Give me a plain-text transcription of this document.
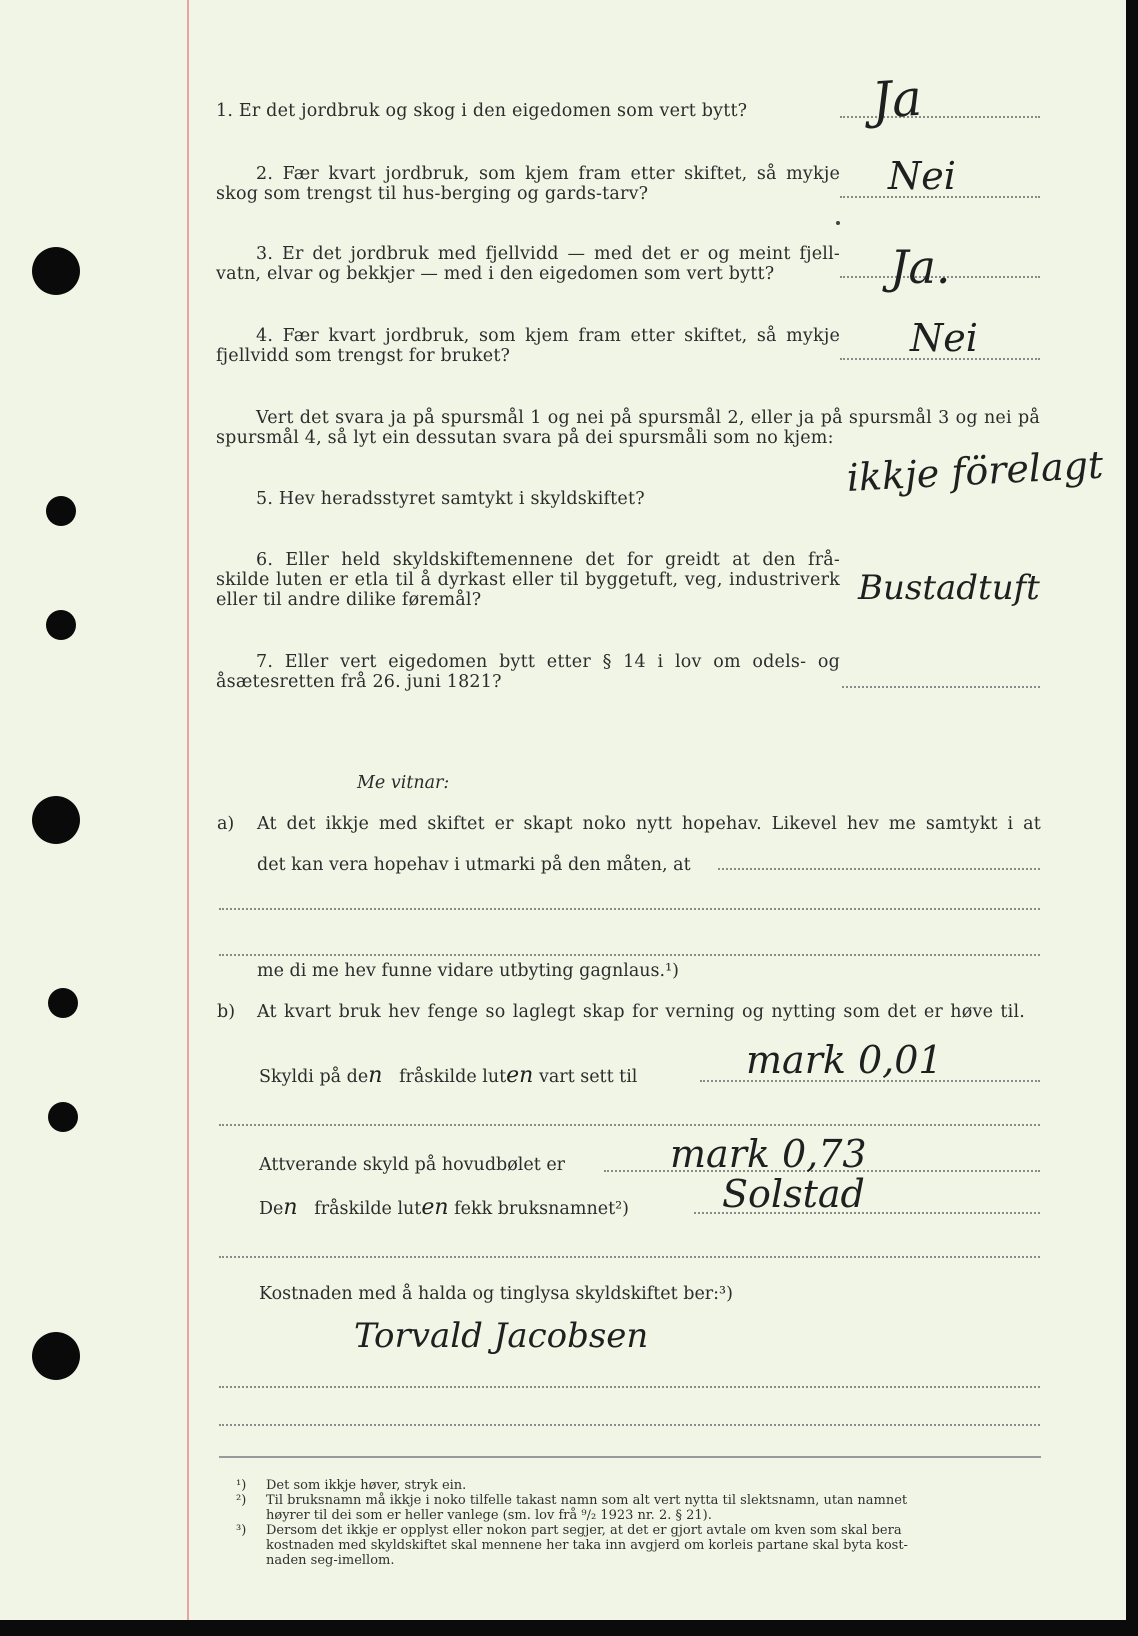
1. Er det jordbruk og skog i den eigedomen som vert bytt?	Ja
2. Fær kvart jordbruk, som kjem fram etter skiftet, så mykje
skog som trengst til hus-berging og gards-tarv?	Nei
3. Er det jordbruk med fjellvidd — med det er og meint fjell-
vatn, elvar og bekkjer — med i den eigedomen som vert bytt?	Ja.
4. Fær kvart jordbruk, som kjem fram etter skiftet, så mykje
fjellvidd som trengst for bruket?	Nei
Vert det svara ja på spursmål 1 og nei på spursmål 2, eller ja på spursmål 3 og nei på
spursmål 4, så lyt ein dessutan svara på dei spursmåli som no kjem:
5. Hev heradsstyret samtykt i skyldskiftet?	ikkje förelagt
6. Eller held skyldskiftemennene det for greidt at den frå-
skilde luten er etla til å dyrkast eller til byggetuft, veg, industriverk
eller til andre dilike føremål?	Bustadtuft
7. Eller vert eigedomen bytt etter § 14 i lov om odels- og
åsætesretten frå 26. juni 1821?
Me vitnar:
a) At det ikkje med skiftet er skapt noko nytt hopehav. Likevel hev me samtykt i at
det kan vera hopehav i utmarki på den måten, at
me di me hev funne vidare utbyting gagnlaus.¹)
b) At kvart bruk hev fenge so laglegt skap for verning og nytting som det er høve til.
Skyldi på den fråskilde luten vart sett til	mark 0,01
Attverande skyld på hovudbølet er	mark 0,73
Den fråskilde luten fekk bruksnamnet²) Solstad
Kostnaden med å halda og tinglysa skyldskiftet ber:³)
Torvald Jacobsen
¹) Det som ikkje høver, stryk ein.
²) Til bruksnamn må ikkje i noko tilfelle takast namn som alt vert nytta til slektsnamn, utan namnet
høyrer til dei som er heller vanlege (sm. lov frå ⁹/₂ 1923 nr. 2. § 21).
³) Dersom det ikkje er opplyst eller nokon part segjer, at det er gjort avtale om kven som skal bera
kostnaden med skyldskiftet skal mennene her taka inn avgjerd om korleis partane skal byta kost-
naden seg-imellom.
